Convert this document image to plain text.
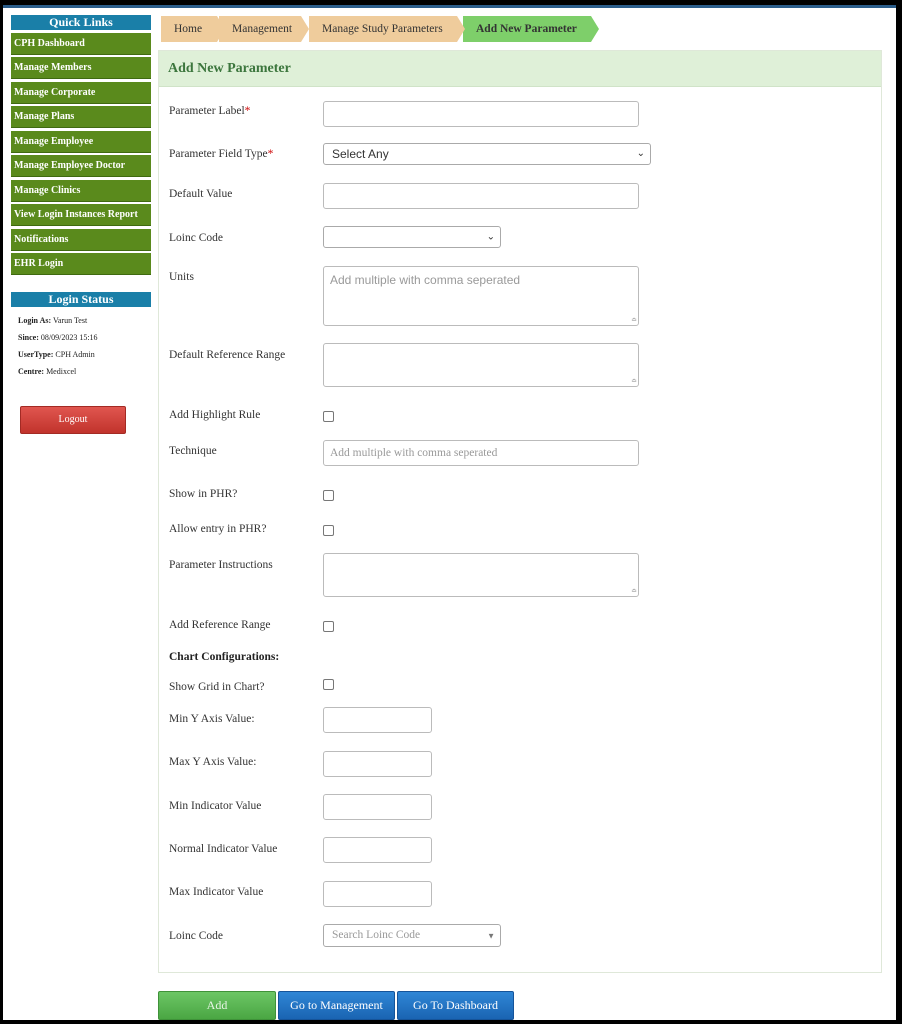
Quick Links
CPH Dashboard
Manage Members
Manage Corporate
Manage Plans
Manage Employee
Manage Employee Doctor
Manage Clinics
View Login Instances Report
Notifications
EHR Login
Login Status
Login As: Varun Test
Since: 08/09/2023 15:16
UserType: CPH Admin
Centre: Medixcel
Logout
Home	Management	Manage Study Parameters	Add New Parameter
Add New Parameter
Parameter Label*
Parameter Field Type*	Select Any	⌄
Default Value
Loinc Code	⌄
Units	Add multiple with comma seperated
≏
Default Reference Range
≏
Add Highlight Rule
Technique	Add multiple with comma seperated
Show in PHR?
Allow entry in PHR?
Parameter Instructions
≏
Add Reference Range
Chart Configurations:
Show Grid in Chart?
Min Y Axis Value:
Max Y Axis Value:
Min Indicator Value
Normal Indicator Value
Max Indicator Value
Loinc Code	Search Loinc Code	▼
Add	Go to Management	Go To Dashboard
